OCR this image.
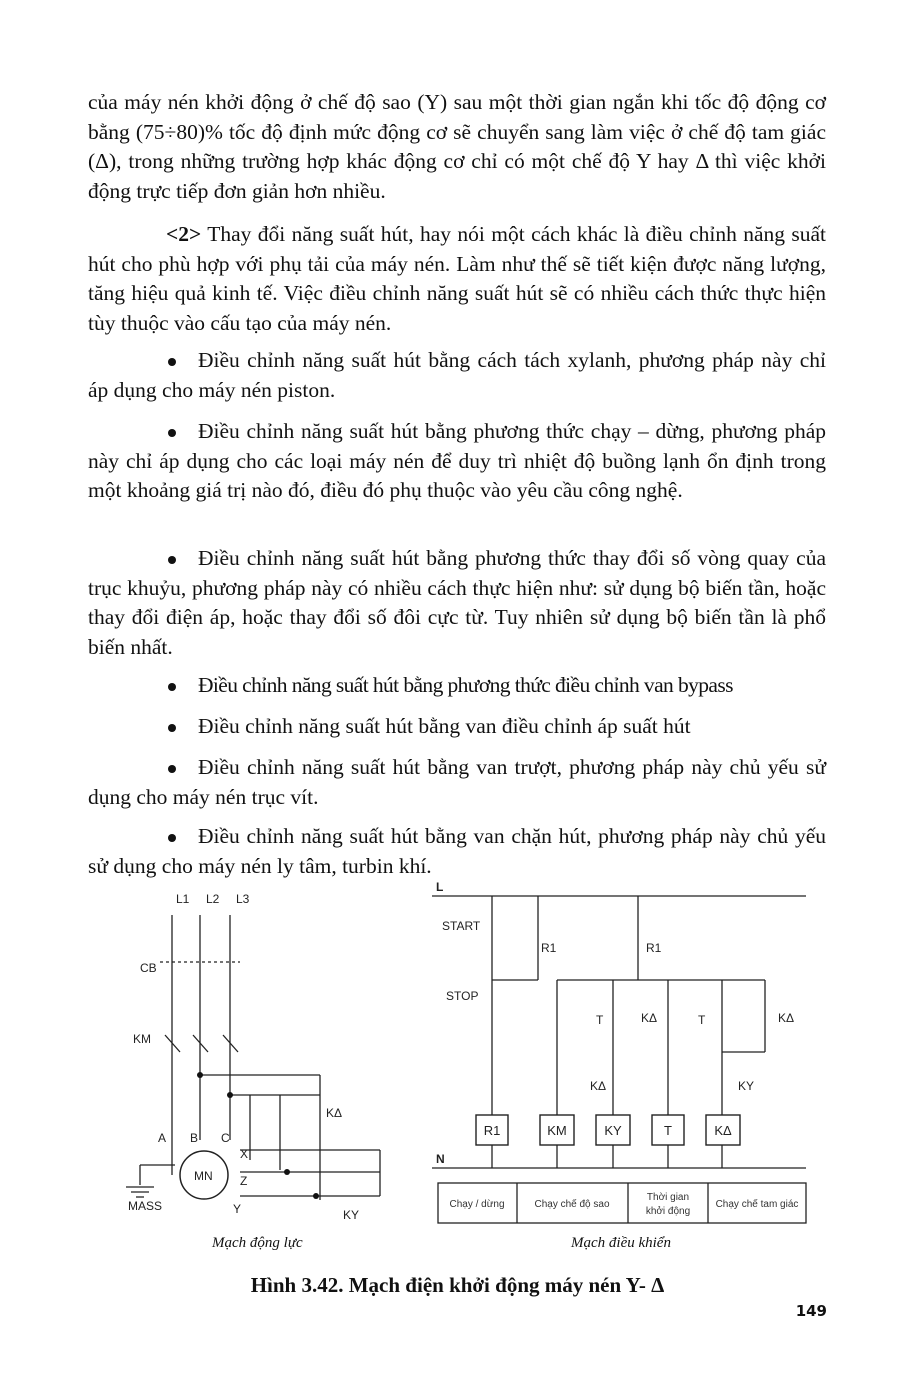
của máy nén khởi động ở chế độ sao (Y) sau một thời gian ngắn khi tốc độ động cơ bằng (75÷80)% tốc độ định mức động cơ sẽ chuyển sang làm việc ở chế độ tam giác (Δ), trong những trường hợp khác động cơ chỉ có một chế độ Y hay Δ thì việc khởi động trực tiếp đơn giản hơn nhiều.

<2> Thay đổi năng suất hút, hay nói một cách khác là điều chỉnh năng suất hút cho phù hợp với phụ tải của máy nén. Làm như thế sẽ tiết kiện được năng lượng, tăng hiệu quả kinh tế. Việc điều chỉnh năng suất hút sẽ có nhiều cách thức thực hiện tùy thuộc vào cấu tạo của máy nén.

Điều chỉnh năng suất hút bằng cách tách xylanh, phương pháp này chỉ áp dụng cho máy nén piston.

Điều chỉnh năng suất hút bằng phương thức chạy – dừng, phương pháp này chỉ áp dụng cho các loại máy nén để duy trì nhiệt độ buồng lạnh ổn định trong một khoảng giá trị nào đó, điều đó phụ thuộc vào yêu cầu công nghệ.

Điều chỉnh năng suất hút bằng phương thức thay đổi số vòng quay của trục khuỷu, phương pháp này có nhiều cách thực hiện như: sử dụng bộ biến tần, hoặc thay đổi điện áp, hoặc thay đổi số đôi cực từ. Tuy nhiên sử dụng bộ biến tần là phổ biến nhất.

Điều chỉnh năng suất hút bằng phương thức điều chỉnh van bypass

Điều chỉnh năng suất hút bằng van điều chỉnh áp suất hút

Điều chỉnh năng suất hút bằng van trượt, phương pháp này chủ yếu sử dụng cho máy nén trục vít.

Điều chỉnh năng suất hút bằng van chặn hút, phương pháp này chủ yếu sử dụng cho máy nén ly tâm, turbin khí.

L1 L2 L3
CB
KM
A B C
X
Z
Y
MN
MASS
KΔ
KY
R1	KM	KY	T	KΔ
L
N
START
STOP
R1	R1
T	T
KΔ	KΔ
KΔ	KY
Chạy / dừng	Chạy chế độ sao
Thời gian
khởi động
Chạy chế tam giác
Mạch động lực	Mạch điều khiển
Hình 3.42. Mạch điện khởi động máy nén Y- Δ
149
